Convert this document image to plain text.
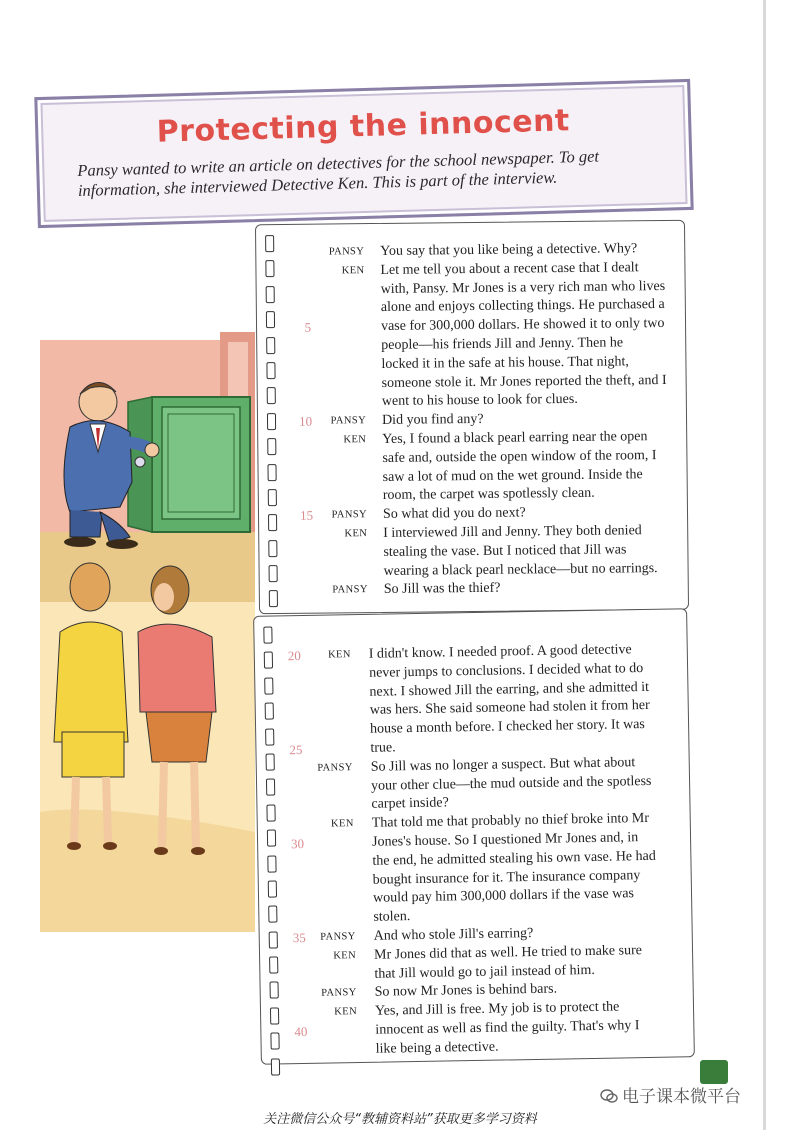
Protecting the innocent
Pansy wanted to write an article on detectives for the school newspaper. To get information, she interviewed Detective Ken. This is part of the interview.
PANSY You say that you like being a detective. Why?
KEN Let me tell you about a recent case that I dealt
with, Pansy. Mr Jones is a very rich man who lives
alone and enjoys collecting things. He purchased a
5	vase for 300,000 dollars. He showed it to only two
people—his friends Jill and Jenny. Then he
locked it in the safe at his house. That night,
someone stole it. Mr Jones reported the theft, and I
went to his house to look for clues.
10	PANSY Did you find any?
KEN Yes, I found a black pearl earring near the open
safe and, outside the open window of the room, I
saw a lot of mud on the wet ground. Inside the
room, the carpet was spotlessly clean.
15	PANSY So what did you do next?
KEN I interviewed Jill and Jenny. They both denied
stealing the vase. But I noticed that Jill was
wearing a black pearl necklace—but no earrings.
PANSY So Jill was the thief?
20	KEN I didn't know. I needed proof. A good detective
never jumps to conclusions. I decided what to do
next. I showed Jill the earring, and she admitted it
was hers. She said someone had stolen it from her
house a month before. I checked her story. It was
25	true.
PANSY So Jill was no longer a suspect. But what about
your other clue—the mud outside and the spotless
carpet inside?
KEN That told me that probably no thief broke into Mr
30	Jones's house. So I questioned Mr Jones and, in
the end, he admitted stealing his own vase. He had
bought insurance for it. The insurance company
would pay him 300,000 dollars if the vase was
stolen.
35	PANSY And who stole Jill's earring?
KEN Mr Jones did that as well. He tried to make sure
that Jill would go to jail instead of him.
PANSY So now Mr Jones is behind bars.
KEN Yes, and Jill is free. My job is to protect the
40	innocent as well as find the guilty. That's why I
like being a detective.
电子课本微平台
关注微信公众号“教辅资料站”获取更多学习资料
